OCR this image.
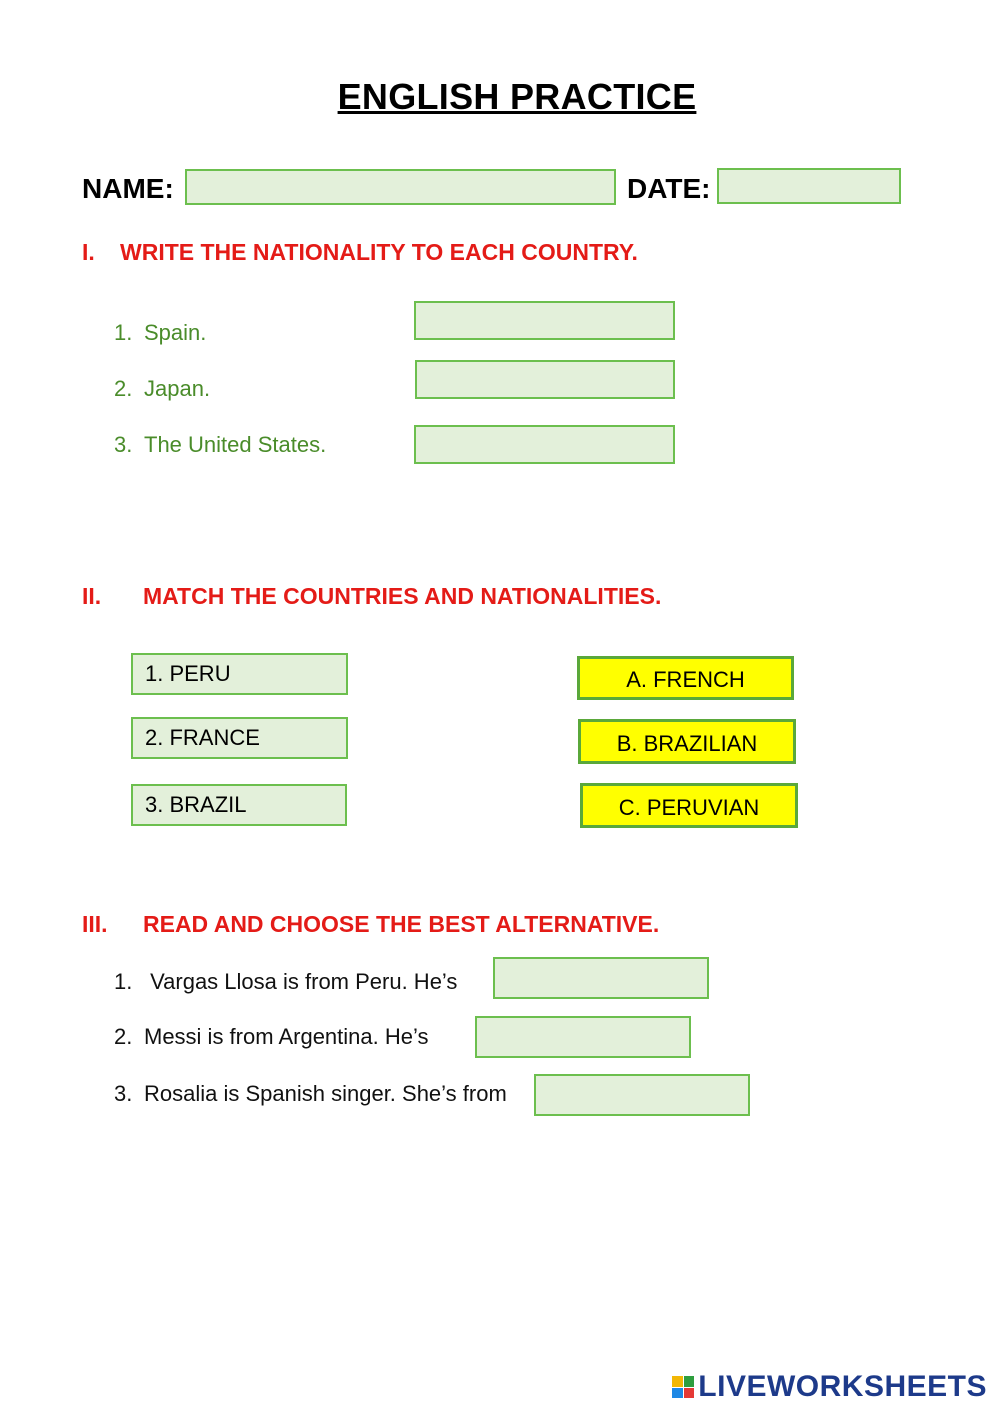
ENGLISH PRACTICE
NAME:	DATE:
I. WRITE THE NATIONALITY TO EACH COUNTRY.
1. Spain.
2. Japan.
3. The United States.
II. MATCH THE COUNTRIES AND NATIONALITIES.
1. PERU
2. FRANCE
3. BRAZIL
A. FRENCH
B. BRAZILIAN
C. PERUVIAN
III. READ AND CHOOSE THE BEST ALTERNATIVE.
1. Vargas Llosa is from Peru. He’s
2. Messi is from Argentina. He’s
3. Rosalia is Spanish singer. She’s from
LIVEWORKSHEETS
